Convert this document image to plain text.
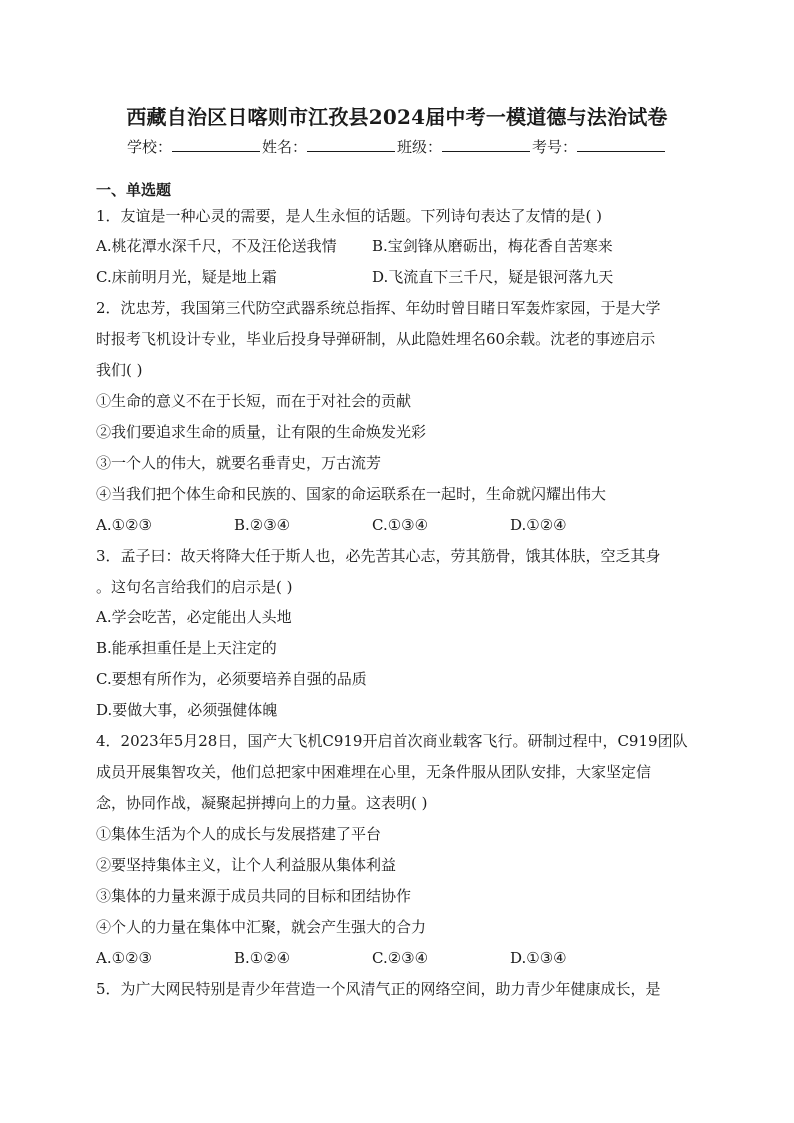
西藏自治区日喀则市江孜县2024届中考一模道德与法治试卷
学校：	姓名：	班级：	考号：
一、单选题
1．友谊是一种心灵的需要，是人生永恒的话题。下列诗句表达了友情的是( )
A.桃花潭水深千尺，不及汪伦送我情 B.宝剑锋从磨砺出，梅花香自苦寒来
C.床前明月光，疑是地上霜	D.飞流直下三千尺，疑是银河落九天
2．沈忠芳，我国第三代防空武器系统总指挥、年幼时曾目睹日军轰炸家园，于是大学
时报考飞机设计专业，毕业后投身导弹研制，从此隐姓埋名60余载。沈老的事迹启示
我们( )
①生命的意义不在于长短，而在于对社会的贡献
②我们要追求生命的质量，让有限的生命焕发光彩
③一个人的伟大，就要名垂青史，万古流芳
④当我们把个体生命和民族的、国家的命运联系在一起时，生命就闪耀出伟大
A.①②③	B.②③④	C.①③④	D.①②④
3．孟子曰：故天将降大任于斯人也，必先苦其心志，劳其筋骨，饿其体肤，空乏其身
。这句名言给我们的启示是( )
A.学会吃苦，必定能出人头地
B.能承担重任是上天注定的
C.要想有所作为，必须要培养自强的品质
D.要做大事，必须强健体魄
4．2023年5月28日，国产大飞机C919开启首次商业载客飞行。研制过程中，C919团队
成员开展集智攻关，他们总把家中困难埋在心里，无条件服从团队安排，大家坚定信
念，协同作战，凝聚起拼搏向上的力量。这表明( )
①集体生活为个人的成长与发展搭建了平台
②要坚持集体主义，让个人利益服从集体利益
③集体的力量来源于成员共同的目标和团结协作
④个人的力量在集体中汇聚，就会产生强大的合力
A.①②③	B.①②④	C.②③④	D.①③④
5．为广大网民特别是青少年营造一个风清气正的网络空间，助力青少年健康成长，是
